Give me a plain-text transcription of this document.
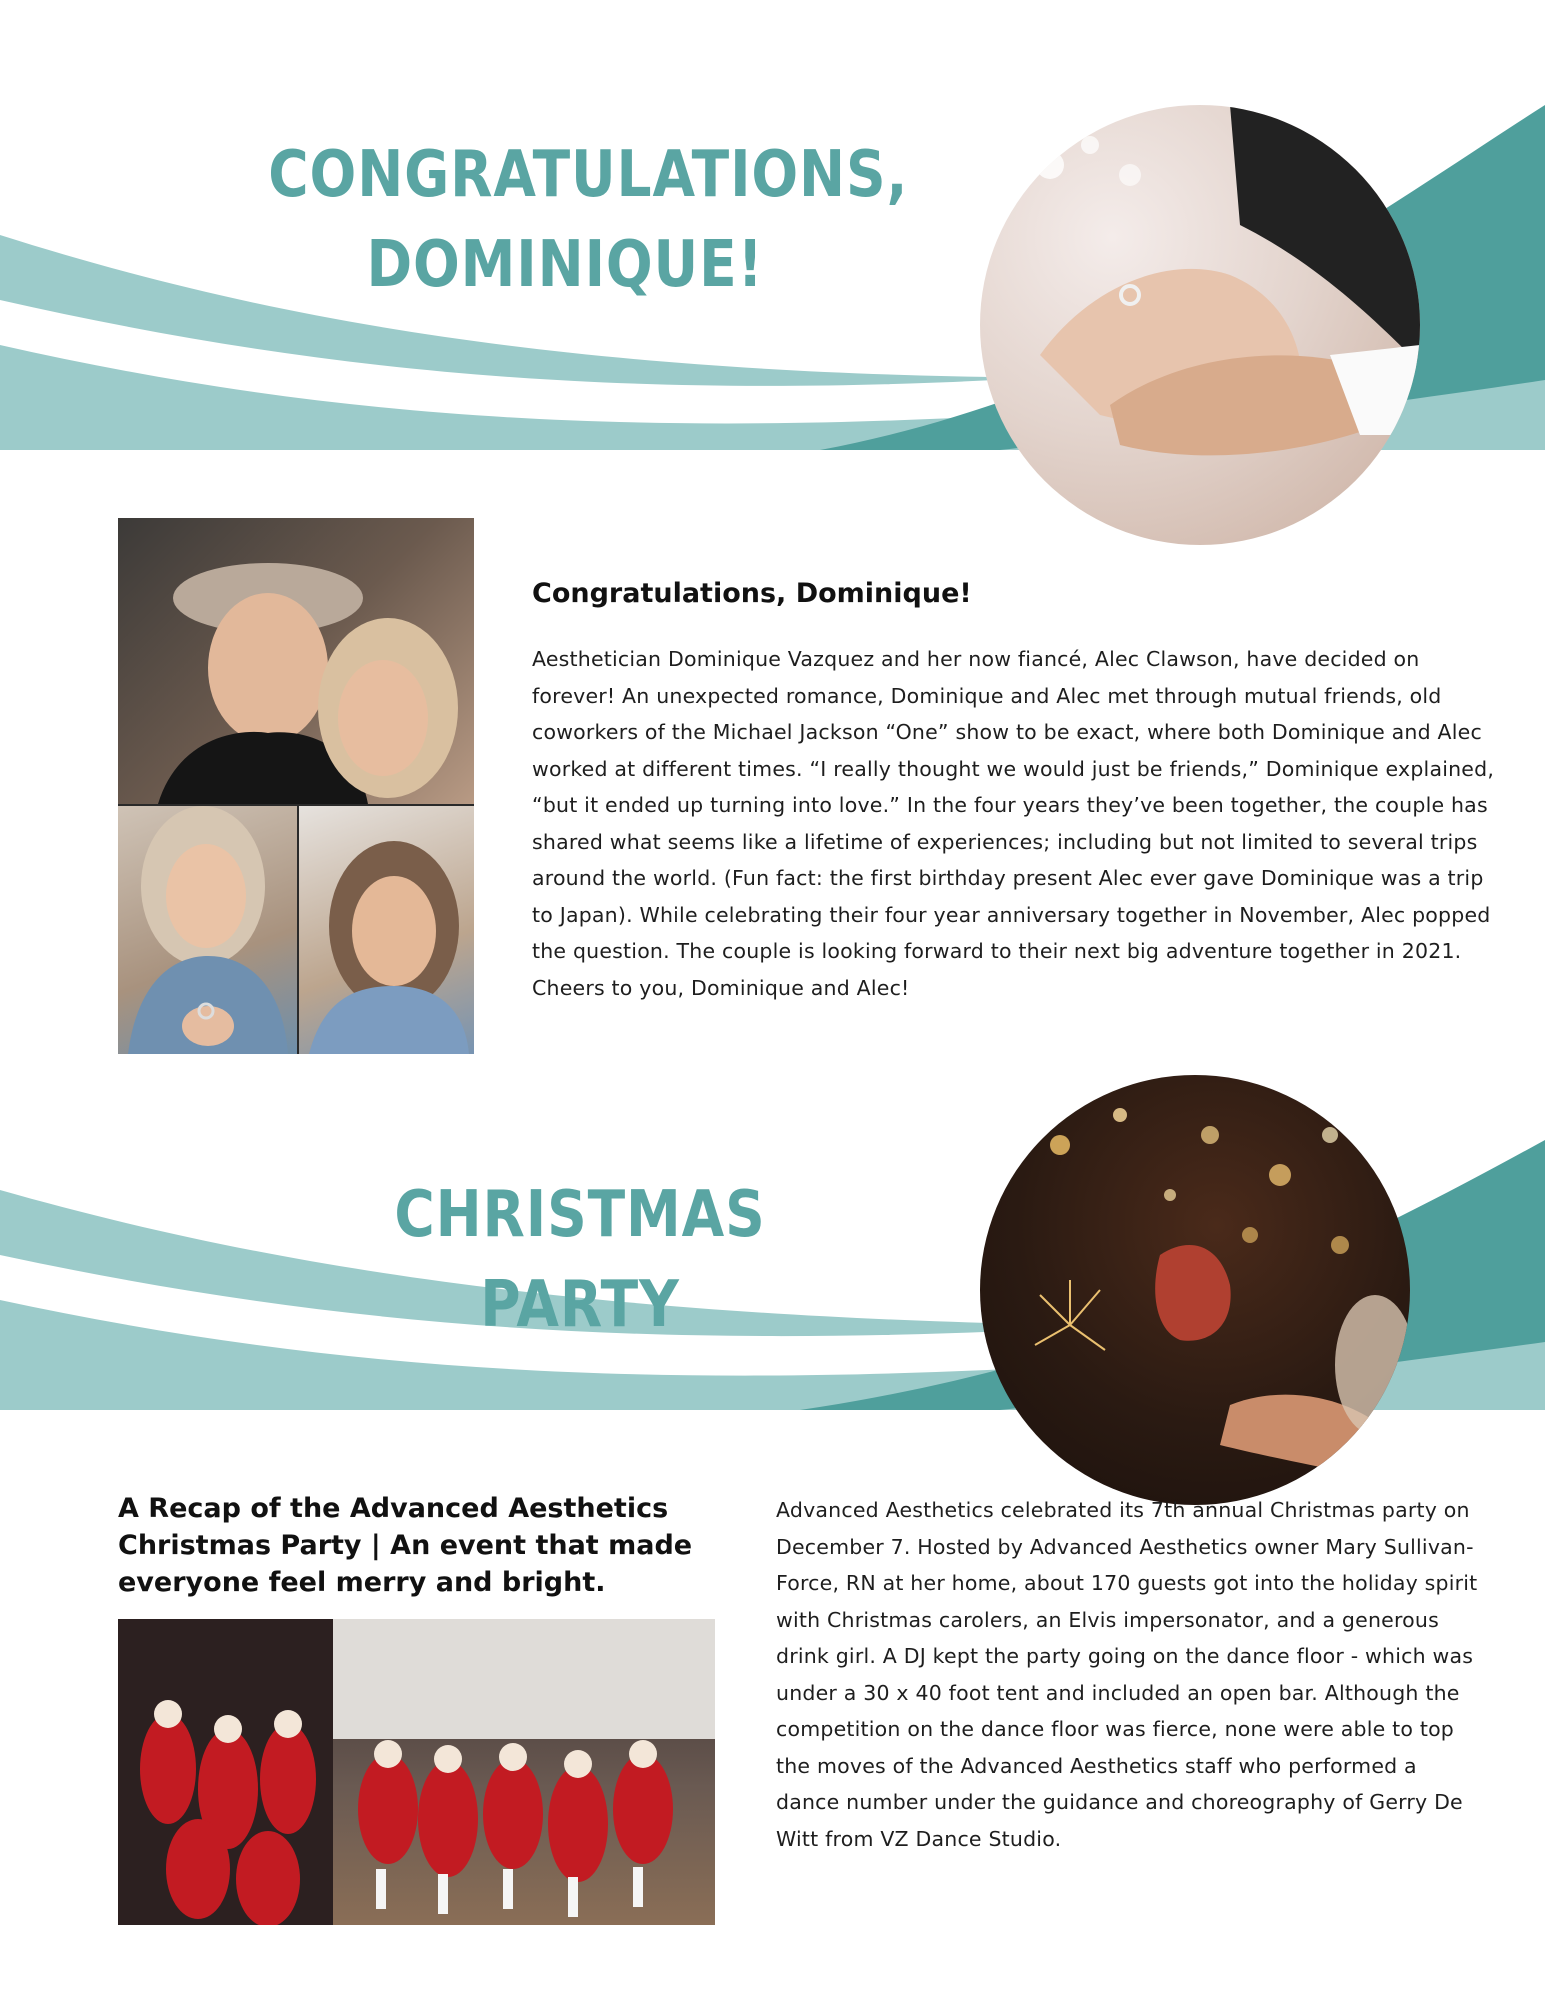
CONGRATULATIONS,
DOMINIQUE!
Congratulations, Dominique!

Aesthetician Dominique Vazquez and her now fiancé, Alec Clawson, have decided on forever! An unexpected romance, Dominique and Alec met through mutual friends, old coworkers of the Michael Jackson “One” show to be exact, where both Dominique and Alec worked at different times. “I really thought we would just be friends,” Dominique explained, “but it ended up turning into love.” In the four years they’ve been together, the couple has shared what seems like a lifetime of experiences; including but not limited to several trips around the world. (Fun fact: the first birthday present Alec ever gave Dominique was a trip to Japan). While celebrating their four year anniversary together in November, Alec popped the question. The couple is looking forward to their next big adventure together in 2021. Cheers to you, Dominique and Alec!

CHRISTMAS PARTY
A Recap of the Advanced Aesthetics Christmas Party | An event that made everyone feel merry and bright.

Advanced Aesthetics celebrated its 7th annual Christmas party on December 7. Hosted by Advanced Aesthetics owner Mary Sullivan-Force, RN at her home, about 170 guests got into the holiday spirit with Christmas carolers, an Elvis impersonator, and a generous drink girl. A DJ kept the party going on the dance floor - which was under a 30 x 40 foot tent and included an open bar. Although the competition on the dance floor was fierce, none were able to top the moves of the Advanced Aesthetics staff who performed a dance number under the guidance and choreography of Gerry De Witt from VZ Dance Studio.
